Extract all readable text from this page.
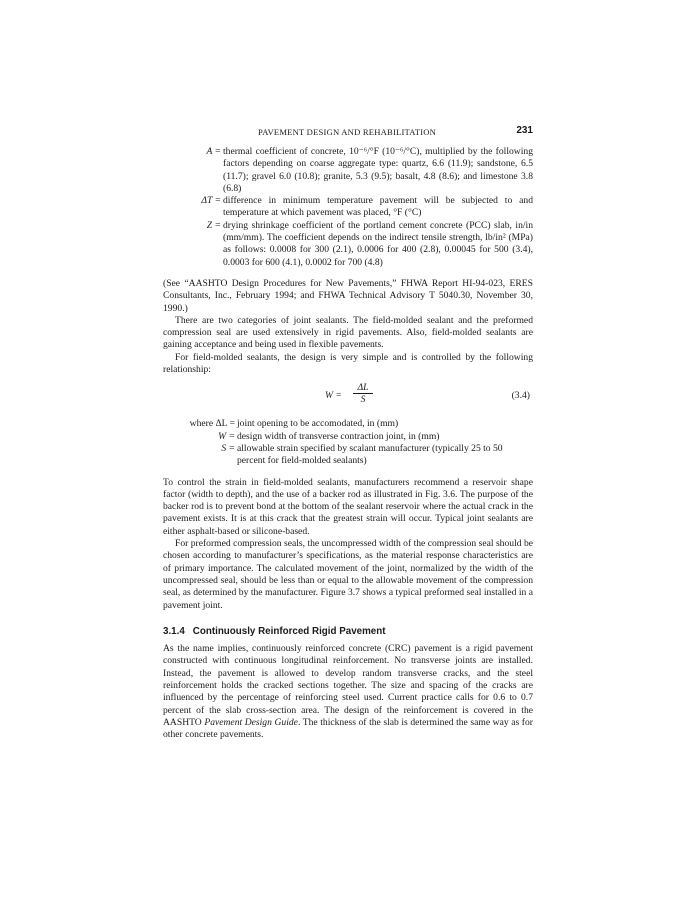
PAVEMENT DESIGN AND REHABILITATION	231
A = thermal coefficient of concrete, 10⁻⁶/°F (10⁻⁶/°C), multiplied by the following factors depending on coarse aggregate type: quartz, 6.6 (11.9); sandstone, 6.5 (11.7); gravel 6.0 (10.8); granite, 5.3 (9.5); basalt, 4.8 (8.6); and limestone 3.8 (6.8)
ΔT = difference in minimum temperature pavement will be subjected to and temperature at which pavement was placed, °F (°C)
Z = drying shrinkage coefficient of the portland cement concrete (PCC) slab, in/in (mm/mm). The coefficient depends on the indirect tensile strength, lb/in² (MPa) as follows: 0.0008 for 300 (2.1), 0.0006 for 400 (2.8), 0.00045 for 500 (3.4), 0.0003 for 600 (4.1), 0.0002 for 700 (4.8)

(See “AASHTO Design Procedures for New Pavements,” FHWA Report HI-94-023, ERES Consultants, Inc., February 1994; and FHWA Technical Advisory T 5040.30, November 30, 1990.)

There are two categories of joint sealants. The field-molded sealant and the preformed compression seal are used extensively in rigid pavements. Also, field-molded sealants are gaining acceptance and being used in flexible pavements.

For field-molded sealants, the design is very simple and is controlled by the following relationship:

$W = \frac{\Delta L}{S}$	(3.4)
where ΔL = joint opening to be accomodated, in (mm)
W = design width of transverse contraction joint, in (mm)
S = allowable strain specified by scalant manufacturer (typically 25 to 50 percent for field-molded sealants)

To control the strain in field-molded sealants, manufacturers recommend a reservoir shape factor (width to depth), and the use of a backer rod as illustrated in Fig. 3.6. The purpose of the backer rod is to prevent bond at the bottom of the sealant reservoir where the actual crack in the pavement exists. It is at this crack that the greatest strain will occur. Typical joint sealants are either asphalt-based or silicone-based.

For preformed compression seals, the uncompressed width of the compression seal should be chosen according to manufacturer’s specifications, as the material response characteristics are of primary importance. The calculated movement of the joint, normalized by the width of the uncompressed seal, should be less than or equal to the allowable movement of the compression seal, as determined by the manufacturer. Figure 3.7 shows a typical preformed seal installed in a pavement joint.

3.1.4 Continuously Reinforced Rigid Pavement

As the name implies, continuously reinforced concrete (CRC) pavement is a rigid pavement constructed with continuous longitudinal reinforcement. No transverse joints are installed. Instead, the pavement is allowed to develop random transverse cracks, and the steel reinforcement holds the cracked sections together. The size and spacing of the cracks are influenced by the percentage of reinforcing steel used. Current practice calls for 0.6 to 0.7 percent of the slab cross-section area. The design of the reinforcement is covered in the AASHTO Pavement Design Guide. The thickness of the slab is determined the same way as for other concrete pavements.
